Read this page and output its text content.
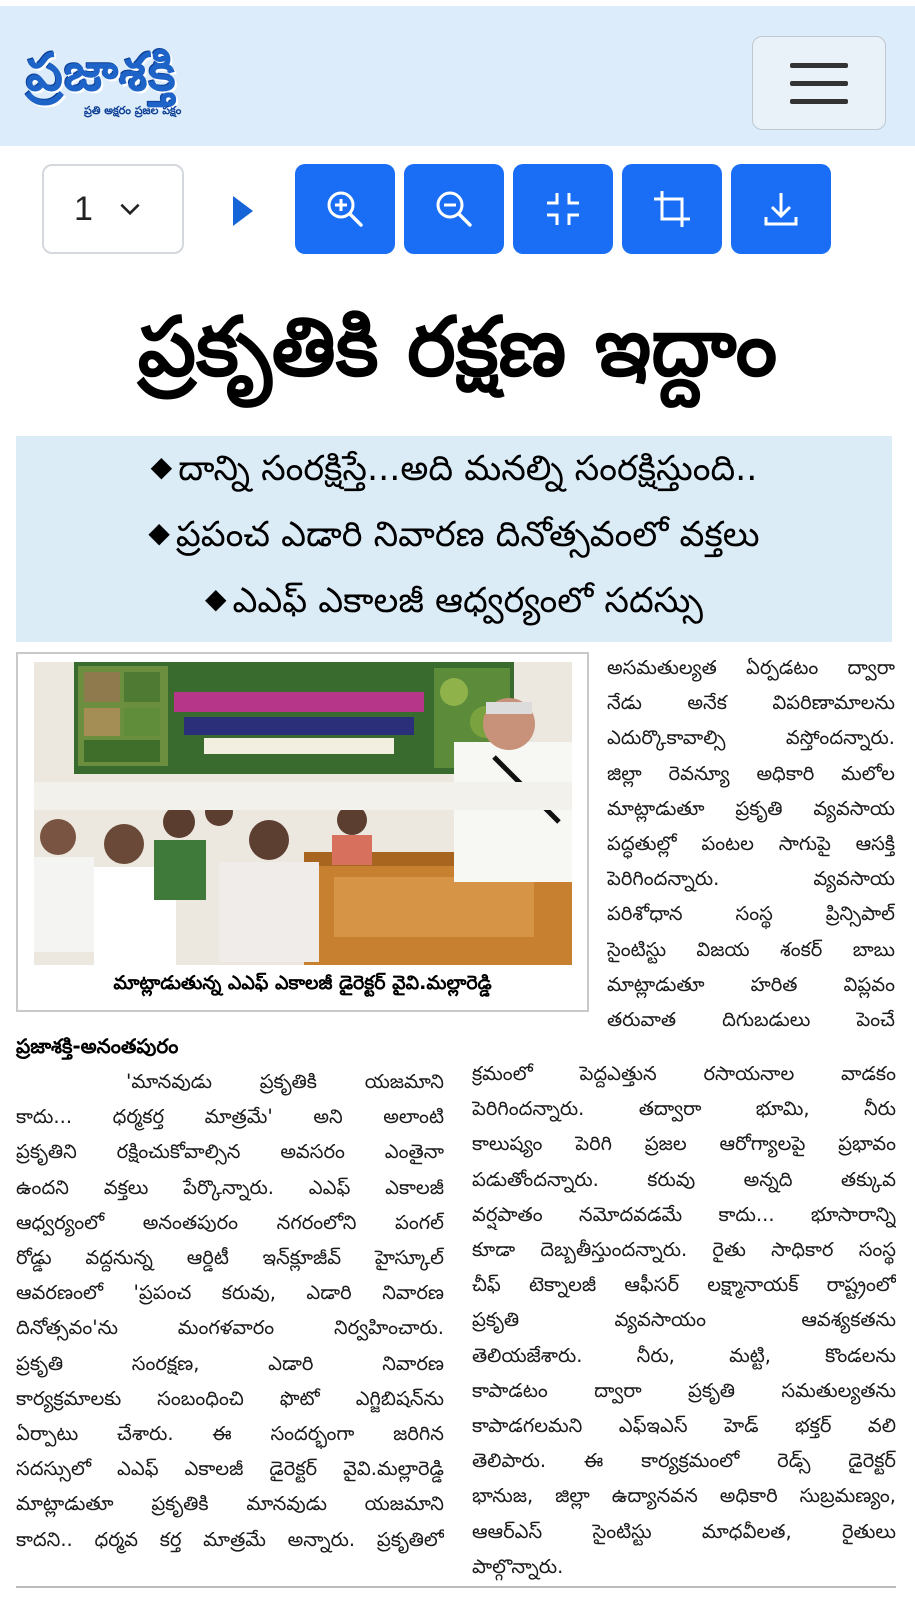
ప్రజాశక్తి
ప్రతి అక్షరం ప్రజల పక్షం
1
ప్రకృతికి రక్షణ ఇద్దాం
◆ దాన్ని సంరక్షిస్తే...అది మనల్ని సంరక్షిస్తుంది..
◆ ప్రపంచ ఎడారి నివారణ దినోత్సవంలో వక్తలు
◆ ఎఎఫ్ ఎకాలజీ ఆధ్వర్యంలో సదస్సు
మాట్లాడుతున్న ఎఎఫ్ ఎకాలజీ డైరెక్టర్ వైవి.మల్లారెడ్డి
అసమతుల్యత ఏర్పడటం ద్వారా
నేడు అనేక విపరిణామాలను
ఎదుర్కొకావాల్సి వస్తోందన్నారు.
జిల్లా రెవన్యూ అధికారి మలోల
మాట్లాడుతూ ప్రకృతి వ్యవసాయ
పద్ధతుల్లో పంటల సాగుపై ఆసక్తి
పెరిగిందన్నారు. వ్యవసాయ
పరిశోధాన సంస్థ ప్రిన్సిపాల్
సైంటిస్టు విజయ శంకర్ బాబు
మాట్లాడుతూ హరిత విప్లవం
తరువాత దిగుబడులు పెంచే
ప్రజాశక్తి-అనంతపురం
'మానవుడు ప్రకృతికి యజమాని
కాదు... ధర్మకర్త మాత్రమే' అని అలాంటి
ప్రకృతిని రక్షించుకోవాల్సిన అవసరం ఎంతైనా
ఉందని వక్తలు పేర్కొన్నారు. ఎఎఫ్ ఎకాలజీ
ఆధ్వర్యంలో అనంతపురం నగరంలోని పంగల్
రోడ్డు వద్దనున్న ఆర్డిటీ ఇన్‌క్లూజీవ్ హైస్కూల్
ఆవరణంలో 'ప్రపంచ కరువు, ఎడారి నివారణ
దినోత్సవం'ను మంగళవారం నిర్వహించారు.
ప్రకృతి సంరక్షణ, ఎడారి నివారణ
కార్యక్రమాలకు సంబంధించి ఫొటో ఎగ్జిబిషన్‌ను
ఏర్పాటు చేశారు. ఈ సందర్భంగా జరిగిన
సదస్సులో ఎఎఫ్ ఎకాలజీ డైరెక్టర్ వైవి.మల్లారెడ్డి
మాట్లాడుతూ ప్రకృతికి మానవుడు యజమాని
కాదని.. ధర్మవ కర్త మాత్రమే అన్నారు. ప్రకృతిలో
క్రమంలో పెద్దఎత్తున రసాయనాల వాడకం
పెరిగిందన్నారు. తద్వారా భూమి, నీరు
కాలుష్యం పెరిగి ప్రజల ఆరోగ్యాలపై ప్రభావం
పడుతోందన్నారు. కరువు అన్నది తక్కువ
వర్షపాతం నమోదవడమే కాదు... భూసారాన్ని
కూడా దెబ్బతీస్తుందన్నారు. రైతు సాధికార సంస్థ
చీఫ్ టెక్నాలజీ ఆఫీసర్ లక్ష్మానాయక్ రాష్ట్రంలో
ప్రకృతి వ్యవసాయం ఆవశ్యకతను
తెలియజేశారు. నీరు, మట్టి, కొండలను
కాపాడటం ద్వారా ప్రకృతి సమతుల్యతను
కాపాడగలమని ఎఫ్‌ఇఎస్ హెడ్ భక్తర్ వలి
తెలిపారు. ఈ కార్యక్రమంలో రెడ్స్ డైరెక్టర్
భానుజ, జిల్లా ఉద్యానవన అధికారి సుబ్రమణ్యం,
ఆఆర్ఎస్ సైంటిస్టు మాధవీలత, రైతులు
పాల్గొన్నారు.
